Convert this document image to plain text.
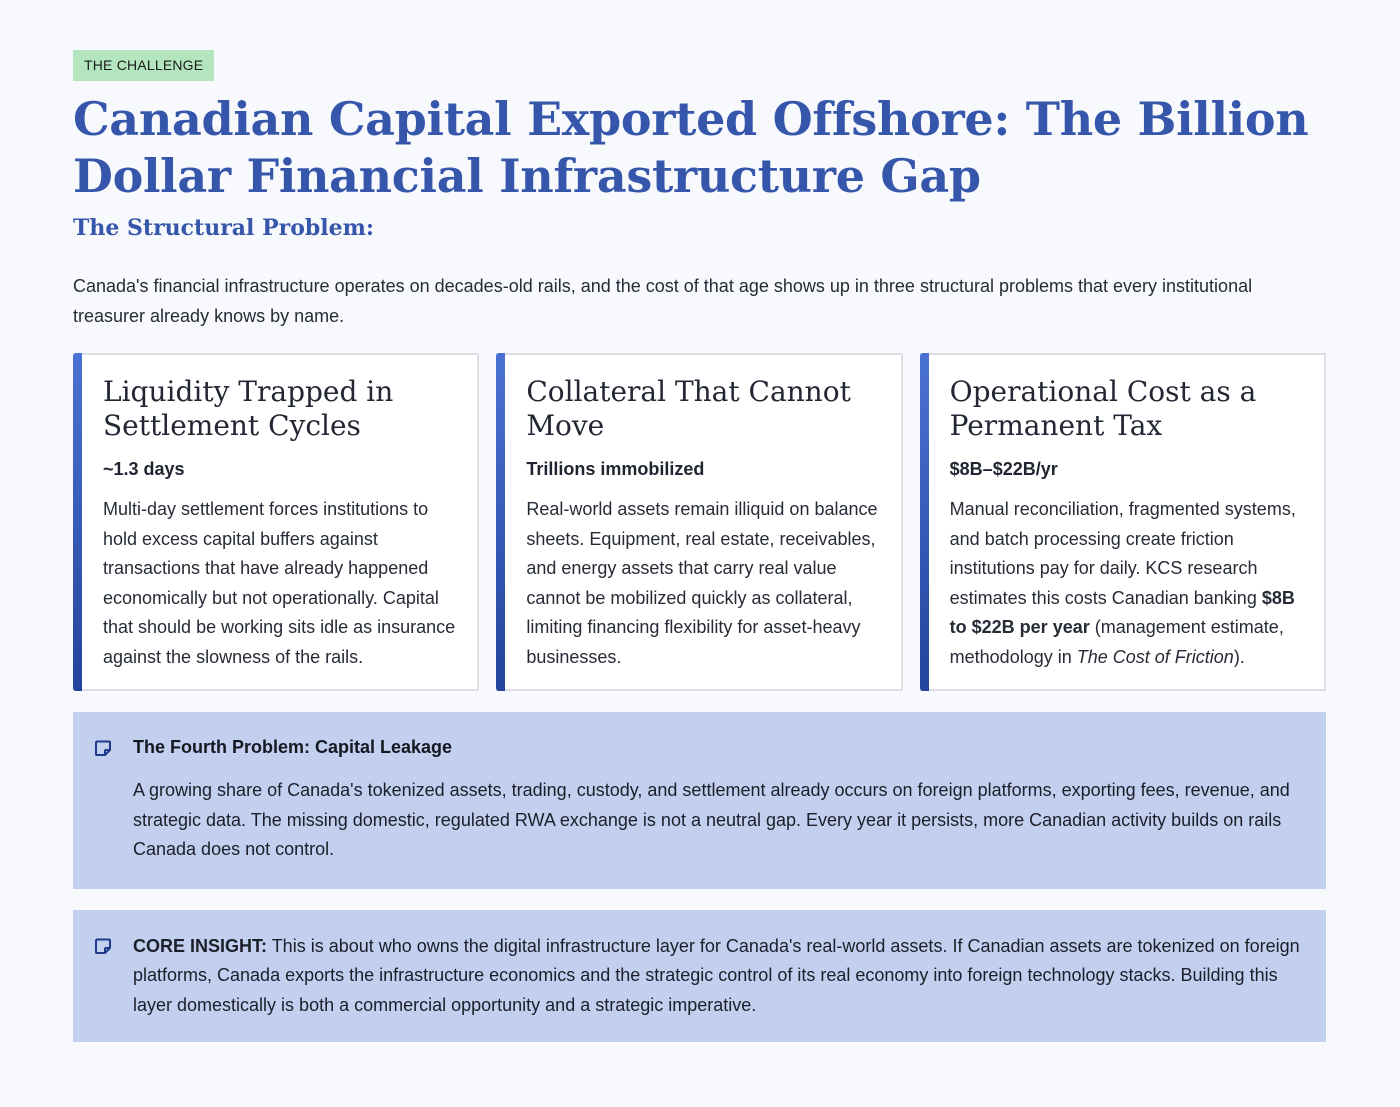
THE CHALLENGE
Canadian Capital Exported Offshore: The Billion Dollar Financial Infrastructure Gap
The Structural Problem:

Canada's financial infrastructure operates on decades-old rails, and the cost of that age shows up in three structural problems that every institutional treasurer already knows by name.

Liquidity Trapped in Settlement Cycles
~1.3 days
Multi-day settlement forces institutions to hold excess capital buffers against transactions that have already happened economically but not operationally. Capital that should be working sits idle as insurance against the slowness of the rails.
Collateral That Cannot Move
Trillions immobilized
Real-world assets remain illiquid on balance sheets. Equipment, real estate, receivables, and energy assets that carry real value cannot be mobilized quickly as collateral, limiting financing flexibility for asset-heavy businesses.
Operational Cost as a Permanent Tax
$8B–$22B/yr
Manual reconciliation, fragmented systems, and batch processing create friction institutions pay for daily. KCS research estimates this costs Canadian banking $8B to $22B per year (management estimate, methodology in The Cost of Friction).
The Fourth Problem: Capital Leakage
A growing share of Canada's tokenized assets, trading, custody, and settlement already occurs on foreign platforms, exporting fees, revenue, and strategic data. The missing domestic, regulated RWA exchange is not a neutral gap. Every year it persists, more Canadian activity builds on rails Canada does not control.
CORE INSIGHT: This is about who owns the digital infrastructure layer for Canada's real-world assets. If Canadian assets are tokenized on foreign platforms, Canada exports the infrastructure economics and the strategic control of its real economy into foreign technology stacks. Building this layer domestically is both a commercial opportunity and a strategic imperative.
